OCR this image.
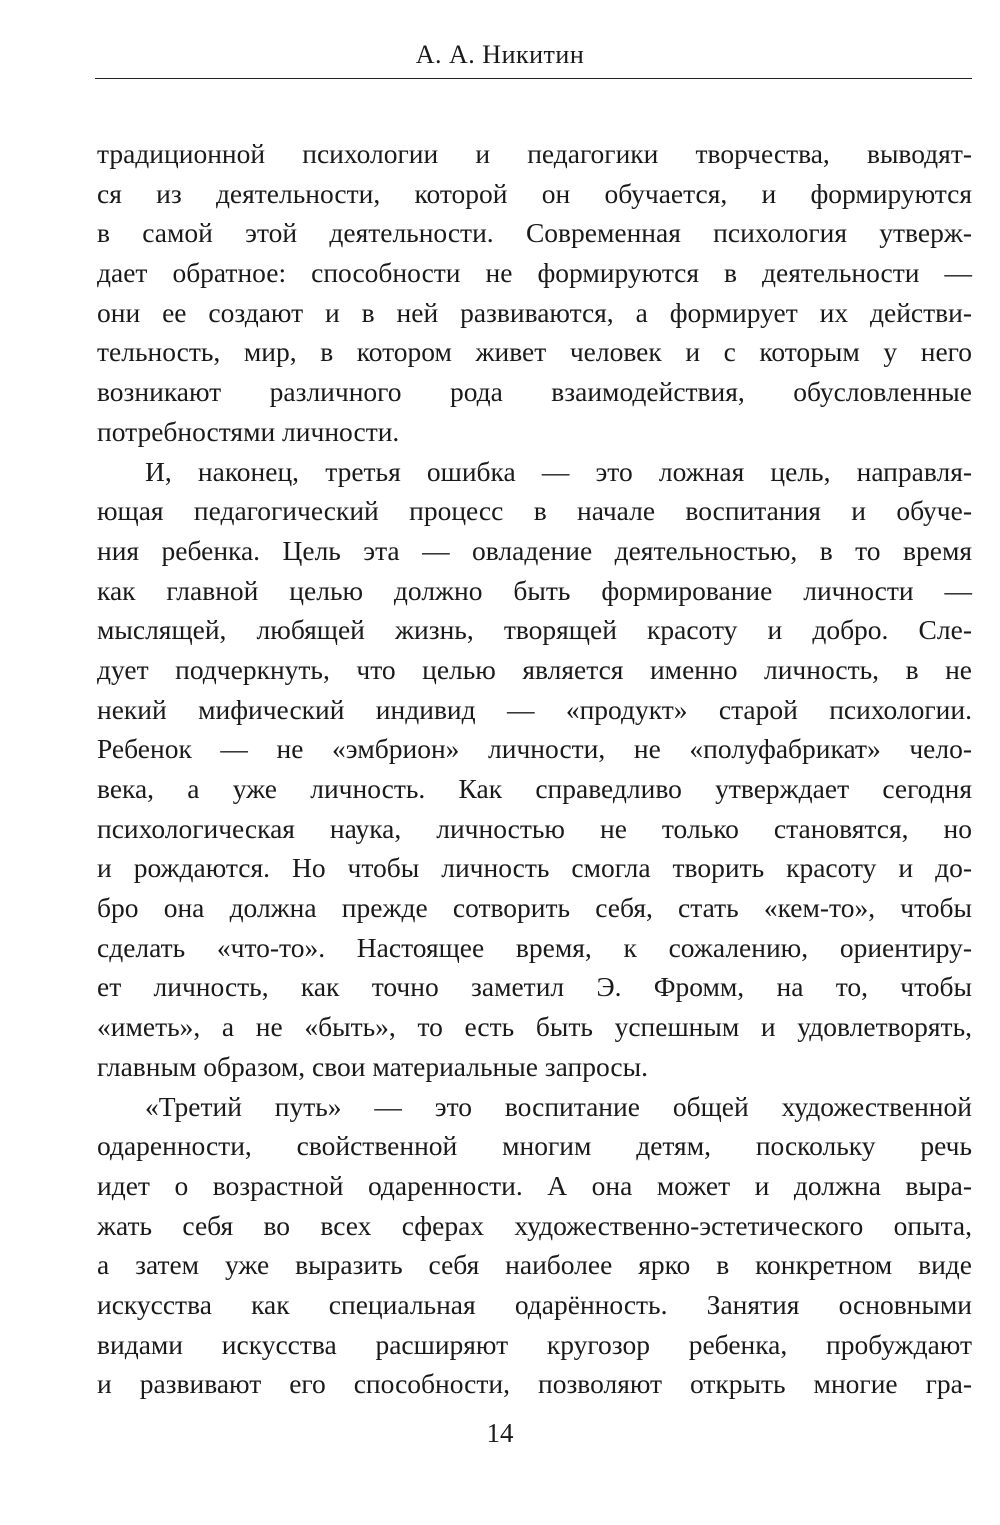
А. А. Никитин
традиционной психологии и педагогики творчества, выводят-
ся из деятельности, которой он обучается, и формируются
в самой этой деятельности. Современная психология утверж-
дает обратное: способности не формируются в деятельности —
они ее создают и в ней развиваются, а формирует их действи-
тельность, мир, в котором живет человек и с которым у него
возникают различного рода взаимодействия, обусловленные
потребностями личности.
И, наконец, третья ошибка — это ложная цель, направля-
ющая педагогический процесс в начале воспитания и обуче-
ния ребенка. Цель эта — овладение деятельностью, в то время
как главной целью должно быть формирование личности —
мыслящей, любящей жизнь, творящей красоту и добро. Сле-
дует подчеркнуть, что целью является именно личность, в не
некий мифический индивид — «продукт» старой психологии.
Ребенок — не «эмбрион» личности, не «полуфабрикат» чело-
века, а уже личность. Как справедливо утверждает сегодня
психологическая наука, личностью не только становятся, но
и рождаются. Но чтобы личность смогла творить красоту и до-
бро она должна прежде сотворить себя, стать «кем-то», чтобы
сделать «что-то». Настоящее время, к сожалению, ориентиру-
ет личность, как точно заметил Э. Фромм, на то, чтобы
«иметь», а не «быть», то есть быть успешным и удовлетворять,
главным образом, свои материальные запросы.
«Третий путь» — это воспитание общей художественной
одаренности, свойственной многим детям, поскольку речь
идет о возрастной одаренности. А она может и должна выра-
жать себя во всех сферах художественно-эстетического опыта,
а затем уже выразить себя наиболее ярко в конкретном виде
искусства как специальная одарённость. Занятия основными
видами искусства расширяют кругозор ребенка, пробуждают
и развивают его способности, позволяют открыть многие гра-
14
